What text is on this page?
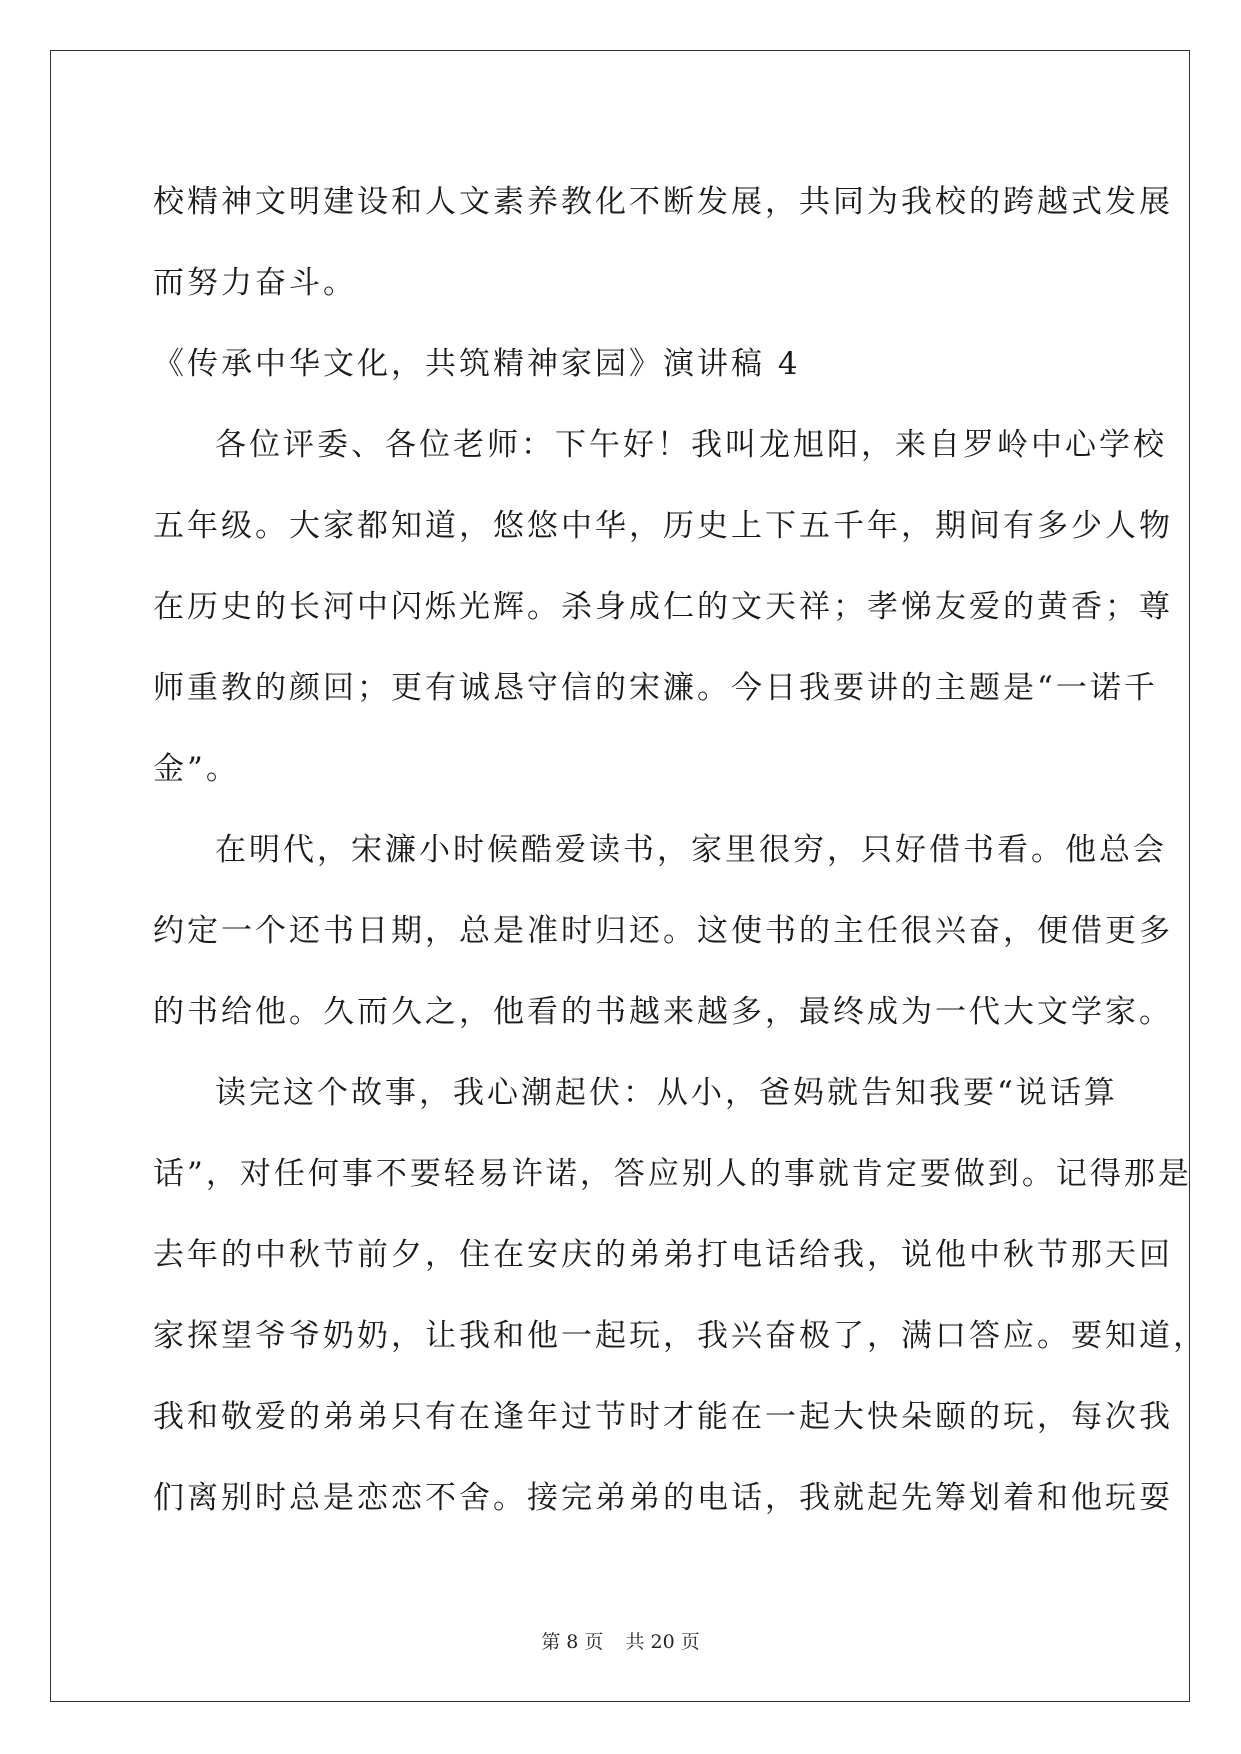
校精神文明建设和人文素养教化不断发展，共同为我校的跨越式发展
而努力奋斗。
《传承中华文化，共筑精神家园》演讲稿 4
各位评委、各位老师：下午好！我叫龙旭阳，来自罗岭中心学校
五年级。大家都知道，悠悠中华，历史上下五千年，期间有多少人物
在历史的长河中闪烁光辉。杀身成仁的文天祥；孝悌友爱的黄香；尊
师重教的颜回；更有诚恳守信的宋濂。今日我要讲的主题是“一诺千
金”。
在明代，宋濂小时候酷爱读书，家里很穷，只好借书看。他总会
约定一个还书日期，总是准时归还。这使书的主任很兴奋，便借更多
的书给他。久而久之，他看的书越来越多，最终成为一代大文学家。
读完这个故事，我心潮起伏：从小，爸妈就告知我要“说话算
话”，对任何事不要轻易许诺，答应别人的事就肯定要做到。记得那是
去年的中秋节前夕，住在安庆的弟弟打电话给我，说他中秋节那天回
家探望爷爷奶奶，让我和他一起玩，我兴奋极了，满口答应。要知道，
我和敬爱的弟弟只有在逢年过节时才能在一起大快朵颐的玩，每次我
们离别时总是恋恋不舍。接完弟弟的电话，我就起先筹划着和他玩耍
第 8 页 共 20 页
